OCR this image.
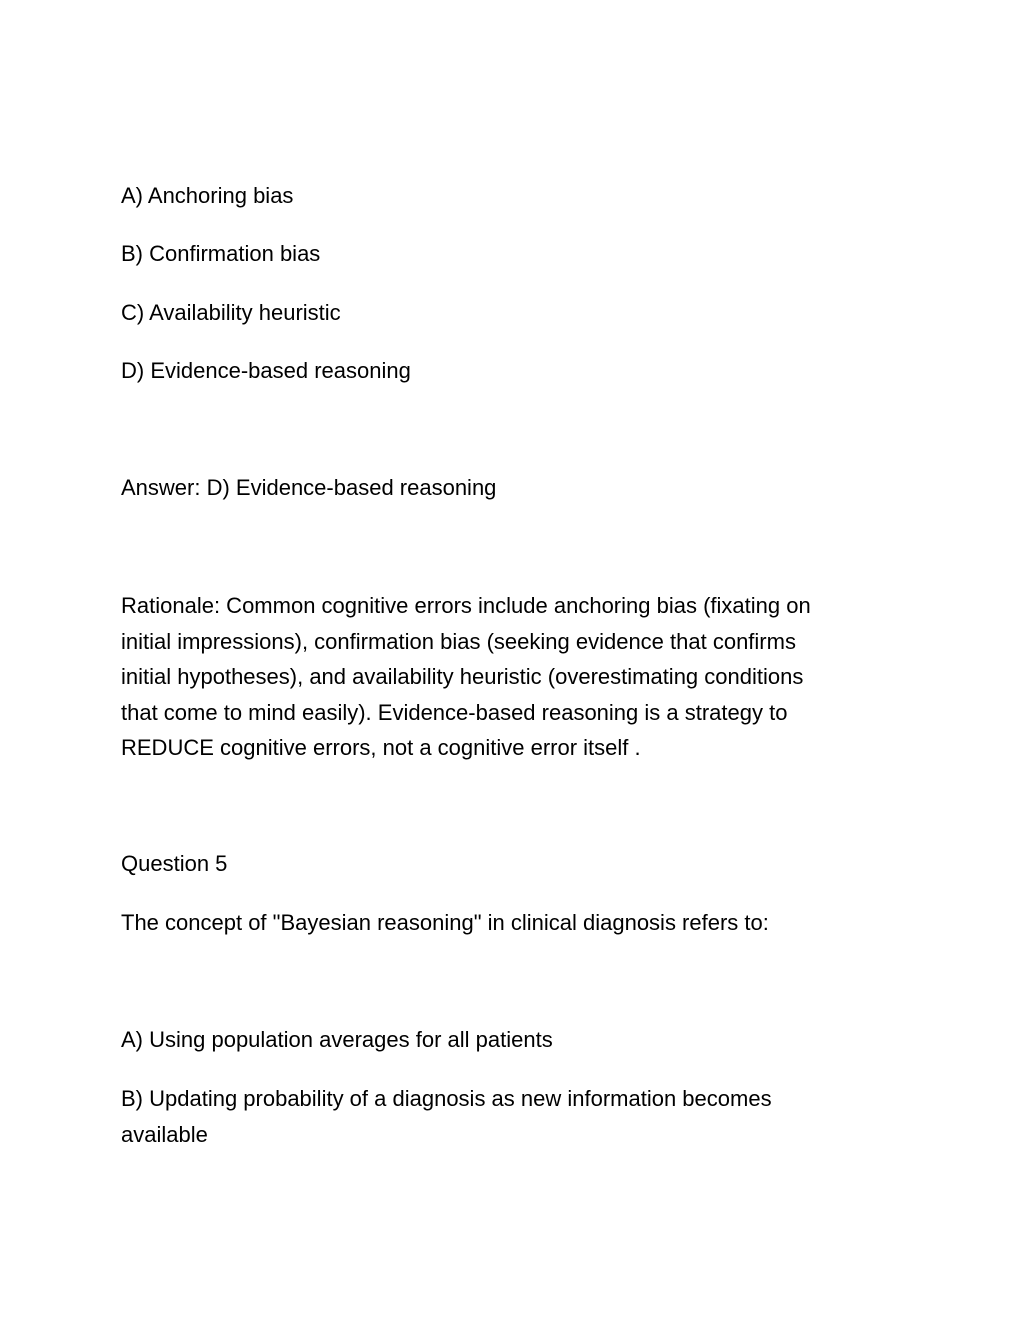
A) Anchoring bias
B) Confirmation bias
C) Availability heuristic
D) Evidence-based reasoning
Answer: D) Evidence-based reasoning
Rationale: Common cognitive errors include anchoring bias (fixating on
initial impressions), confirmation bias (seeking evidence that confirms
initial hypotheses), and availability heuristic (overestimating conditions
that come to mind easily). Evidence-based reasoning is a strategy to
REDUCE cognitive errors, not a cognitive error itself .
Question 5
The concept of "Bayesian reasoning" in clinical diagnosis refers to:
A) Using population averages for all patients
B) Updating probability of a diagnosis as new information becomes
available
